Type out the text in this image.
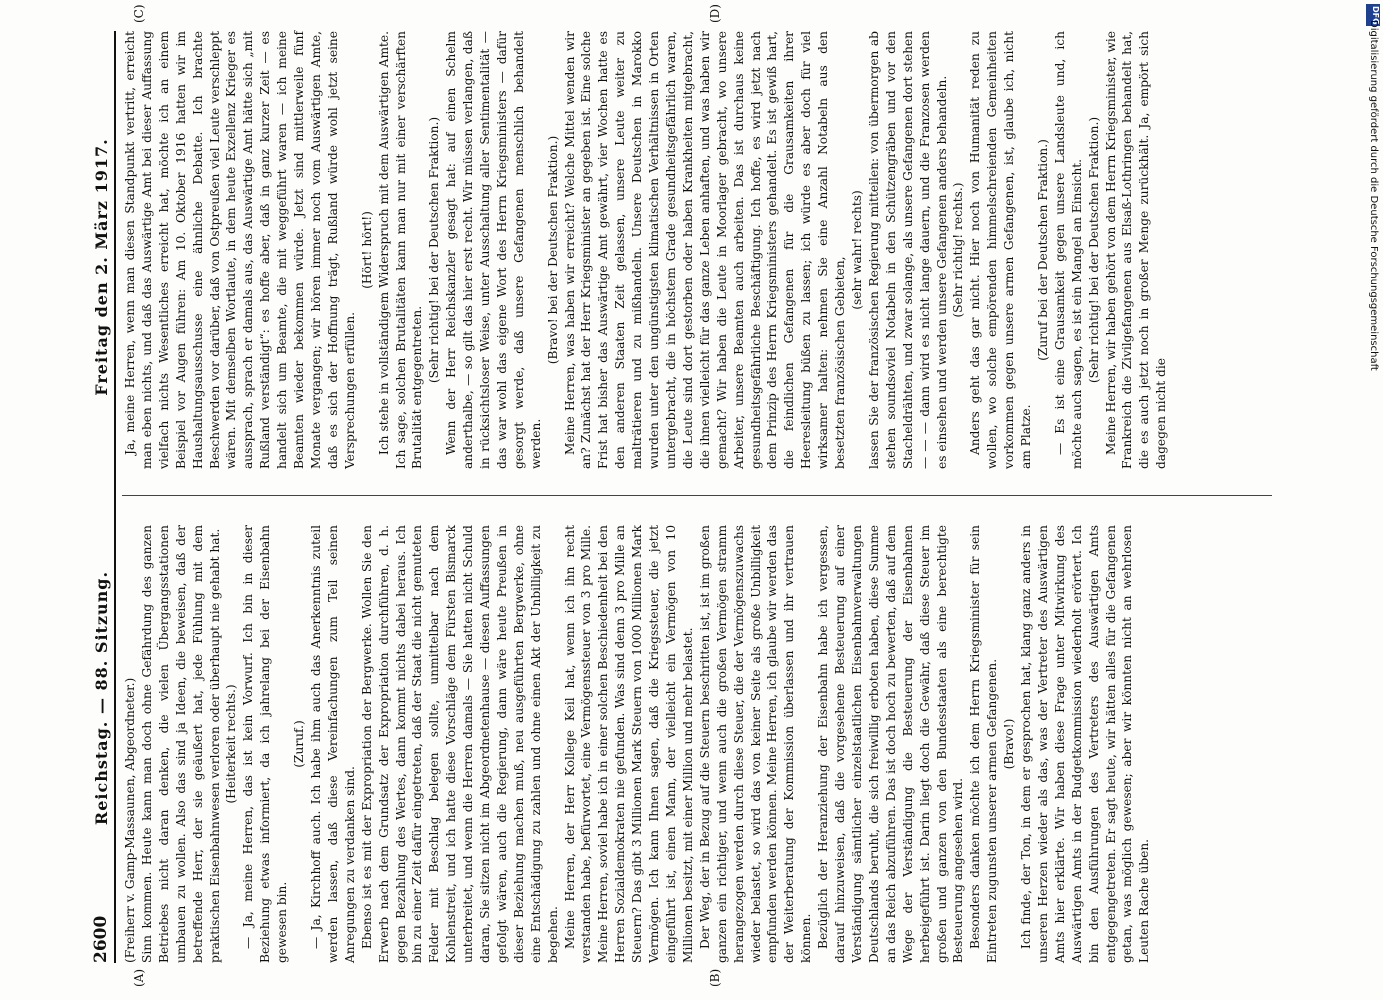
2600
Reichstag. — 88. Sitzung.
Freitag den 2. März 1917.
(A)	(B)
(C)	(D)

(Freiherr v. Gamp-Massaunen, Abgeordneter.) Sinn kommen. Heute kann man doch ohne Gefährdung des ganzen Betriebes nicht daran denken, die vielen Übergangsstationen umbauen zu wollen. Also das sind ja Ideen, die beweisen, daß der betreffende Herr, der sie geäußert hat, jede Fühlung mit dem praktischen Eisenbahnwesen verloren oder überhaupt nie gehabt hat. (Heiterkeit rechts.) — Ja, meine Herren, das ist kein Vorwurf. Ich bin in dieser Beziehung etwas informiert, da ich jahrelang bei der Eisenbahn gewesen bin.

(Zuruf.) — Ja, Kirchhoff auch. Ich habe ihm auch das Anerkenntnis zuteil werden lassen, daß diese Vereinfachungen zum Teil seinen Anregungen zu verdanken sind. Ebenso ist es mit der Expropriation der Bergwerke. Wollen Sie den Erwerb nach dem Grundsatz der Expropriation durchführen, d. h. gegen Bezahlung des Wertes, dann kommt nichts dabei heraus. Ich bin zu einer Zeit dafür eingetreten, daß der Staat die nicht gemuteten Felder mit Beschlag belegen sollte, unmittelbar nach dem Kohlenstreit, und ich hatte diese Vorschläge dem Fürsten Bismarck unterbreitet, und wenn die Herren damals — Sie hatten nicht Schuld daran, Sie sitzen nicht im Abgeordnetenhause — diesen Auffassungen gefolgt wären, auch die Regierung, dann wäre heute Preußen in dieser Beziehung machen muß, neu ausgeführten Bergwerke, ohne eine Entschädigung zu zahlen und ohne einen Akt der Unbilligkeit zu begehen. Meine Herren, der Herr Kollege Keil hat, wenn ich ihn recht verstanden habe, befürwortet, eine Vermögenssteuer von 3 pro Mille. Meine Herren, soviel habe ich in einer solchen Beschiedenheit bei den Herren Sozialdemokraten nie gefunden. Was sind denn 3 pro Mille an Steuern? Das gibt 3 Millionen Mark Steuern von 1000 Millionen Mark Vermögen. Ich kann Ihnen sagen, daß die Kriegssteuer, die jetzt eingeführt ist, einen Mann, der vielleicht ein Vermögen von 10 Millionen besitzt, mit einer Million und mehr belastet. Der Weg, der in Bezug auf die Steuern beschritten ist, ist im großen ganzen ein richtiger, und wenn auch die großen Vermögen stramm herangezogen werden durch diese Steuer, die der Vermögenszuwachs wieder belastet, so wird das von keiner Seite als große Unbilligkeit empfunden werden können. Meine Herren, ich glaube wir werden das der Weiterberatung der Kommission überlassen und ihr vertrauen können. Bezüglich der Heranziehung der Eisenbahn habe ich vergessen, darauf hinzuweisen, daß die vorgesehene Besteuerung auf einer Verständigung sämtlicher einzelstaatlichen Eisenbahnverwaltungen Deutschlands beruht, die sich freiwillig erboten haben, diese Summe an das Reich abzuführen. Das ist doch hoch zu bewerten, daß auf dem Wege der Verständigung die Besteuerung der Eisenbahnen herbeigeführt ist. Darin liegt doch die Gewähr, daß diese Steuer im großen und ganzen von den Bundesstaaten als eine berechtigte Besteuerung angesehen wird. Besonders danken möchte ich dem Herrn Kriegsminister für sein Eintreten zugunsten unserer armen Gefangenen. (Bravo!) Ich finde, der Ton, in dem er gesprochen hat, klang ganz anders in unseren Herzen wieder als das, was der Vertreter des Auswärtigen Amts hier erklärte. Wir haben diese Frage unter Mitwirkung des Auswärtigen Amts in der Budgetkommission wiederholt erörtert. Ich bin den Ausführungen des Vertreters des Auswärtigen Amts entgegengetreten. Er sagt heute, wir hätten alles für die Gefangenen getan, was möglich gewesen; aber wir könnten nicht an wehrlosen Leuten Rache üben.

Ja, meine Herren, wenn man diesen Standpunkt vertritt, erreicht man eben nichts, und daß das Auswärtige Amt bei dieser Auffassung vielfach nichts Wesentliches erreicht hat, möchte ich an einem Beispiel vor Augen führen: Am 10. Oktober 1916 hatten wir im Haushaltungsausschusse eine ähnliche Debatte. Ich brachte Beschwerden vor darüber, daß von Ostpreußen viel Leute verschleppt wären. Mit demselben Wortlaute, in dem heute Exzellenz Krieger es aussprach, sprach er damals aus, das Auswärtige Amt hätte sich „mit Rußland verständigt“: es hoffe aber, daß in ganz kurzer Zeit — es handelt sich um Beamte, die mit weggeführt waren — ich meine Beamten wieder bekommen würde. Jetzt sind mittlerweile fünf Monate vergangen; wir hören immer noch vom Auswärtigen Amte, daß es sich der Hoffnung trägt, Rußland würde wohl jetzt seine Versprechungen erfüllen.

(Hört! hört!) Ich stehe in vollständigem Widerspruch mit dem Auswärtigen Amte. Ich sage, solchen Brutalitäten kann man nur mit einer verschärften Brutalität entgegentreten.

(Sehr richtig! bei der Deutschen Fraktion.) Wenn der Herr Reichskanzler gesagt hat: auf einen Schelm anderthalbe, — so gilt das hier erst recht. Wir müssen verlangen, daß in rücksichtsloser Weise, unter Ausschaltung aller Sentimentalität — das war wohl das eigene Wort des Herrn Kriegsministers — dafür gesorgt werde, daß unsere Gefangenen menschlich behandelt werden.

(Bravo! bei der Deutschen Fraktion.) Meine Herren, was haben wir erreicht? Welche Mittel wenden wir an? Zunächst hat der Herr Kriegsminister an gegeben ist. Eine solche Frist hat bisher das Auswärtige Amt gewährt, vier Wochen hatte es den anderen Staaten Zeit gelassen, unsere Leute weiter zu malträtieren und zu mißhandeln. Unsere Deutschen in Marokko wurden unter den ungünstigsten klimatischen Verhältnissen in Orten untergebracht, die in höchstem Grade gesundheitsgefährlich waren, die Leute sind dort gestorben oder haben Krankheiten mitgebracht, die ihnen vielleicht für das ganze Leben anhaften, und was haben wir gemacht? Wir haben die Leute in Moorlager gebracht, wo unsere Arbeiter, unsere Beamten auch arbeiten. Das ist durchaus keine gesundheitsgefährliche Beschäftigung. Ich hoffe, es wird jetzt nach dem Prinzip des Herrn Kriegsministers gehandelt. Es ist gewiß hart, die feindlichen Gefangenen für die Grausamkeiten ihrer Heeresleitung büßen zu lassen; ich würde es aber doch für viel wirksamer halten: nehmen Sie eine Anzahl Notabeln aus den besetzten französischen Gebieten,

(sehr wahr! rechts) lassen Sie der französischen Regierung mitteilen: von übermorgen ab stehen soundsoviel Notabeln in den Schützengräben und vor den Stacheldrähten, und zwar solange, als unsere Gefangenen dort stehen — — — dann wird es nicht lange dauern, und die Franzosen werden es einsehen und werden unsere Gefangenen anders behandeln. (Sehr richtig! rechts.) Anders geht das gar nicht. Hier noch von Humanität reden zu wollen, wo solche empörenden himmelschreienden Gemeinheiten vorkommen gegen unsere armen Gefangenen, ist, glaube ich, nicht am Platze.

(Zuruf bei der Deutschen Fraktion.) — Es ist eine Grausamkeit gegen unsere Landsleute und, ich möchte auch sagen, es ist ein Mangel an Einsicht. (Sehr richtig! bei der Deutschen Fraktion.) Meine Herren, wir haben gehört von dem Herrn Kriegsminister, wie Frankreich die Zivilgefangenen aus Elsaß-Lothringen behandelt hat, die es auch jetzt noch in großer Menge zurückhält. Ja, empört sich dagegen nicht die

DFG
Digitalisierung gefördert durch die Deutsche Forschungsgemeinschaft
